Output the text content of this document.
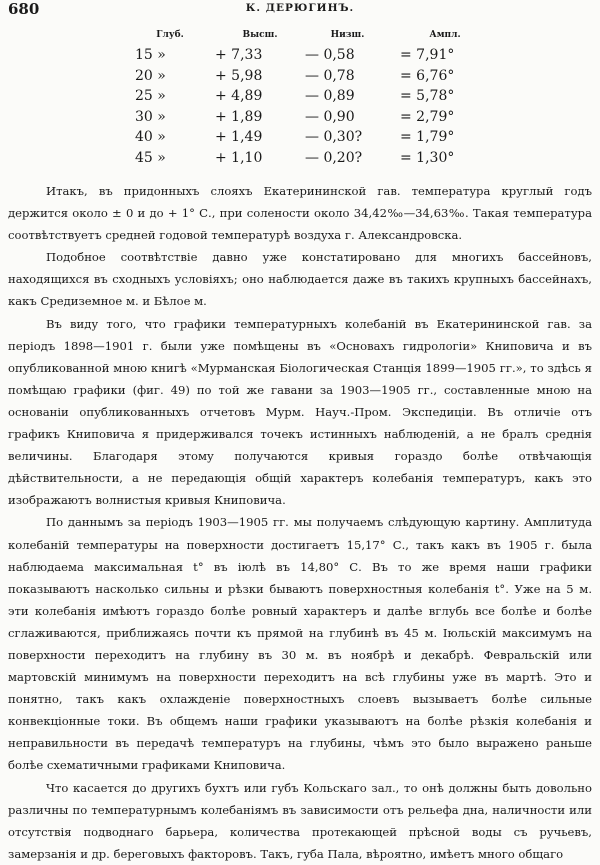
680	К. ДЕРЮГИНЪ.
Глуб.	Высш.	Низш.	Ампл.
15 »	+ 7,33	— 0,58	= 7,91°
20 »	+ 5,98	— 0,78	= 6,76°
25 »	+ 4,89	— 0,89	= 5,78°
30 »	+ 1,89	— 0,90	= 2,79°
40 »	+ 1,49	— 0,30?	= 1,79°
45 »	+ 1,10	— 0,20?	= 1,30°

Итакъ, въ придонныхъ слояхъ Екатерининской гав. температура круглый годъ держится около ± 0 и до + 1° С., при солености около 34,42‰—34,63‰. Такая температура соотвѣтствуетъ средней годовой температурѣ воздуха г. Александровска.

Подобное соотвѣтствіе давно уже констатировано для многихъ бассейновъ, находящихся въ сходныхъ условіяхъ; оно наблюдается даже въ такихъ крупныхъ бассейнахъ, какъ Средиземное м. и Бѣлое м.

Въ виду того, что графики температурныхъ колебаній въ Екатерининской гав. за періодъ 1898—1901 г. были уже помѣщены въ «Основахъ гидрологіи» Книповича и въ опубликованной мною книгѣ «Мурманская Біологическая Станція 1899—1905 гг.», то здѣсь я помѣщаю графики (фиг. 49) по той же гавани за 1903—1905 гг., составленные мною на основаніи опубликованныхъ отчетовъ Мурм. Науч.-Пром. Экспедиціи. Въ отличіе отъ графикъ Книповича я придерживался точекъ истинныхъ наблюденій, а не бралъ среднія величины. Благодаря этому получаются кривыя гораздо болѣе отвѣчающія дѣйствительности, а не передающія общій характеръ колебанія температуръ, какъ это изображаютъ волнистыя кривыя Книповича.

По даннымъ за періодъ 1903—1905 гг. мы получаемъ слѣдующую картину. Амплитуда колебаній температуры на поверхности достигаетъ 15,17° С., такъ какъ въ 1905 г. была наблюдаема максимальная t° въ іюлѣ въ 14,80° С. Въ то же время наши графики показываютъ насколько сильны и рѣзки бываютъ поверхностныя колебанія t°. Уже на 5 м. эти колебанія имѣютъ гораздо болѣе ровный характеръ и далѣе вглубь все болѣе и болѣе сглаживаются, приближаясь почти къ прямой на глубинѣ въ 45 м. Іюльскій максимумъ на поверхности переходитъ на глубину въ 30 м. въ ноябрѣ и декабрѣ. Февральскій или мартовскій минимумъ на поверхности переходитъ на всѣ глубины уже въ мартѣ. Это и понятно, такъ какъ охлажденіе поверхностныхъ слоевъ вызываетъ болѣе сильные конвекціонные токи. Въ общемъ наши графики указываютъ на болѣе рѣзкія колебанія и неправильности въ передачѣ температуръ на глубины, чѣмъ это было выражено раньше болѣе схематичными графиками Книповича.

Что касается до другихъ бухтъ или губъ Кольскаго зал., то онѣ должны быть довольно различны по температурнымъ колебаніямъ въ зависимости отъ рельефа дна, наличности или отсутствія подводнаго барьера, количества протекающей прѣсной воды съ ручьевъ, замерзанія и др. береговыхъ факторовъ. Такъ, губа Пала, вѣроятно, имѣетъ много общаго
